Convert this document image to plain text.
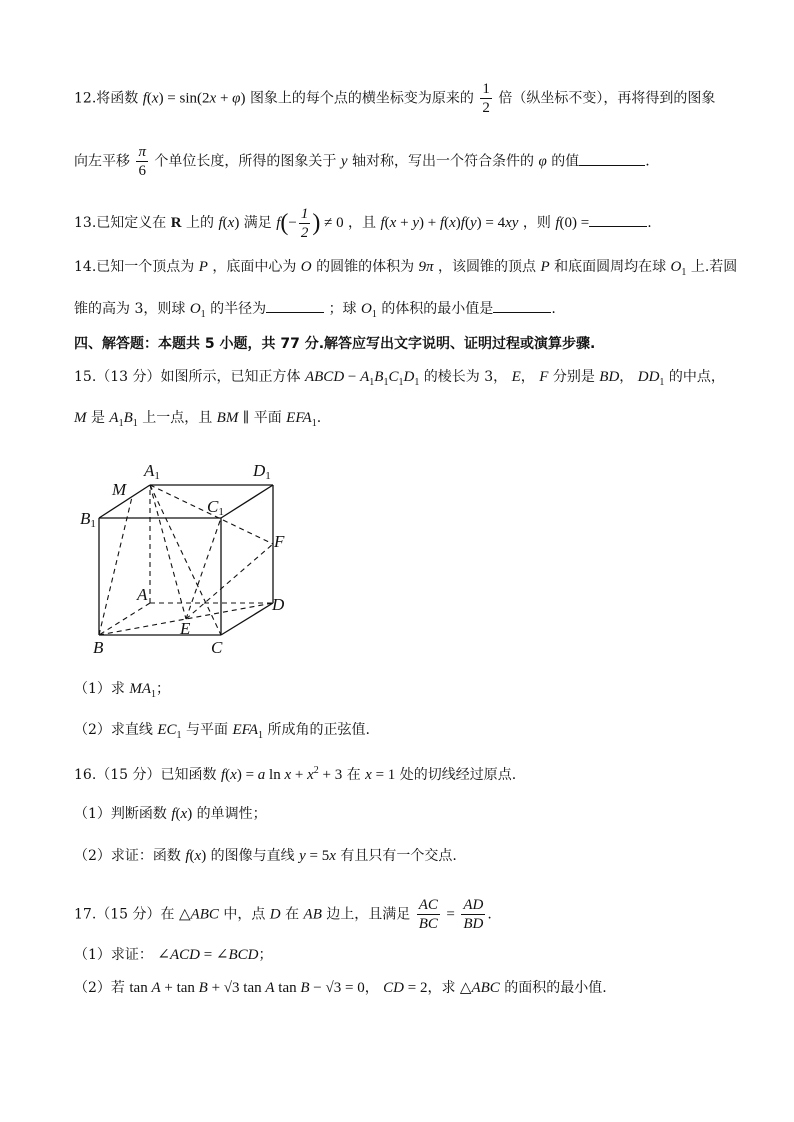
12.将函数 f(x) = sin(2x + φ) 图象上的每个点的横坐标变为原来的 $\frac{1}{2}$ 倍（纵坐标不变），再将得到的图象
向左平移 $\frac{\pi}{6}$ 个单位长度，所得的图象关于 y 轴对称，写出一个符合条件的 φ 的值	.
13.已知定义在 R 上的 f(x) 满足 $f(- \frac{1}{2}$ ) ≠ 0 ，且 f(x + y) + f(x)f(y) = 4xy ，则 f(0) =	.
14.已知一个顶点为 P ，底面中心为 O 的圆锥的体积为 9π ，该圆锥的顶点 P 和底面圆周均在球 $O_1$ 上.若圆
锥的高为 3，则球 $O_1$ 的半径为	；球 $O_1$ 的体积的最小值是	.
四、解答题：本题共 5 小题，共 77 分.解答应写出文字说明、证明过程或演算步骤.
15.（13 分）如图所示，已知正方体 ABCD − $A_1B_1C_1D_1$ 的棱长为 3， E， F 分别是 BD， $DD_1$ 的中点，
M 是 $A_1B_1$ 上一点，且 BM ∥ 平面 $EFA_1$.
A1	D1
M
C1
B1
F
A
D
E
B	C
（1）求 $MA_1$；
（2）求直线 $EC_1$ 与平面 $EFA_1$ 所成角的正弦值.
16.（15 分）已知函数 f(x) = a $\ln x + x^2 + 3$ 在 x = 1 处的切线经过原点.
（1）判断函数 f(x) 的单调性；
（2）求证：函数 f(x) 的图像与直线 y = 5x 有且只有一个交点.
17.（15 分）在 △ABC 中，点 D 在 AB 边上，且满足 $\frac{AC}{BC} = \frac{AD}{BD}$ .
（1）求证： ∠ACD = ∠BCD；
（2）若 tan A + tan B + √3 tan A tan B − √3 = 0， CD = 2，求 △ABC 的面积的最小值.
